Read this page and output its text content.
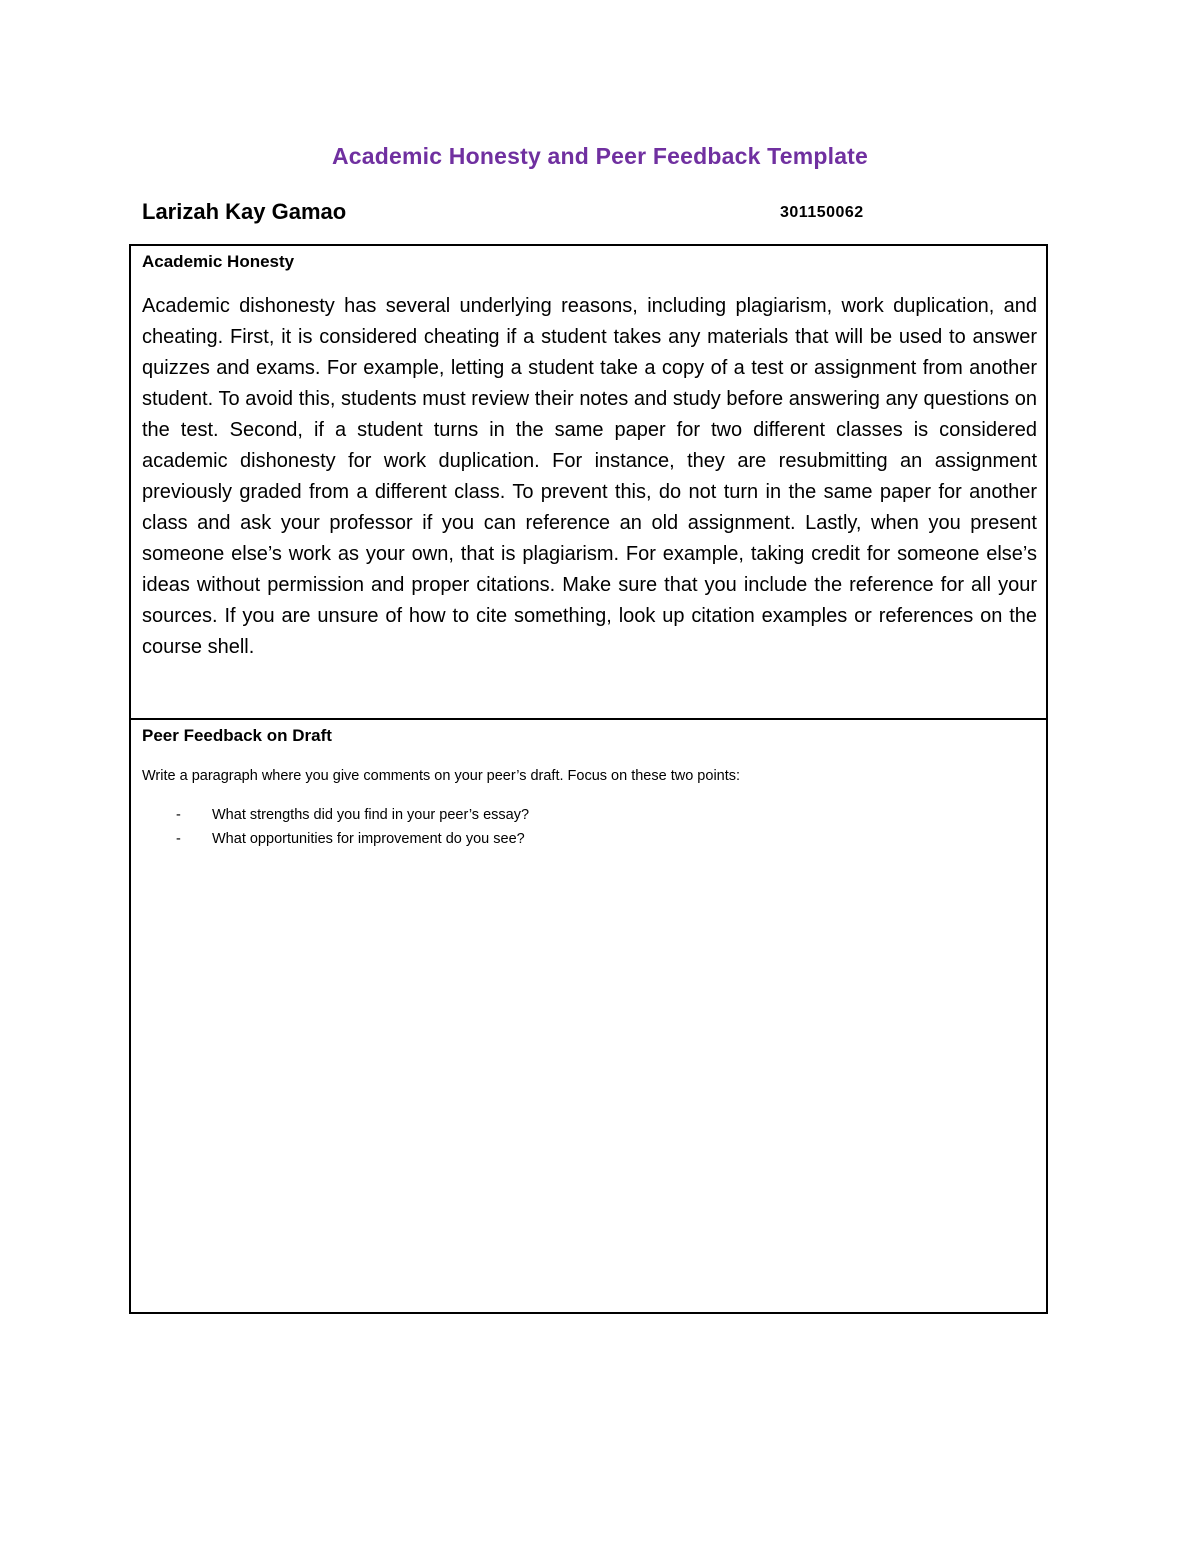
Academic Honesty and Peer Feedback Template
Larizah Kay Gamao	301150062
Academic Honesty

Academic dishonesty has several underlying reasons, including plagiarism, work duplication, and cheating. First, it is considered cheating if a student takes any materials that will be used to answer quizzes and exams. For example, letting a student take a copy of a test or assignment from another student. To avoid this, students must review their notes and study before answering any questions on the test. Second, if a student turns in the same paper for two different classes is considered academic dishonesty for work duplication. For instance, they are resubmitting an assignment previously graded from a different class. To prevent this, do not turn in the same paper for another class and ask your professor if you can reference an old assignment. Lastly, when you present someone else’s work as your own, that is plagiarism. For example, taking credit for someone else’s ideas without permission and proper citations. Make sure that you include the reference for all your sources. If you are unsure of how to cite something, look up citation examples or references on the course shell.

Peer Feedback on Draft

Write a paragraph where you give comments on your peer’s draft. Focus on these two points:

- What strengths did you find in your peer’s essay?
- What opportunities for improvement do you see?
